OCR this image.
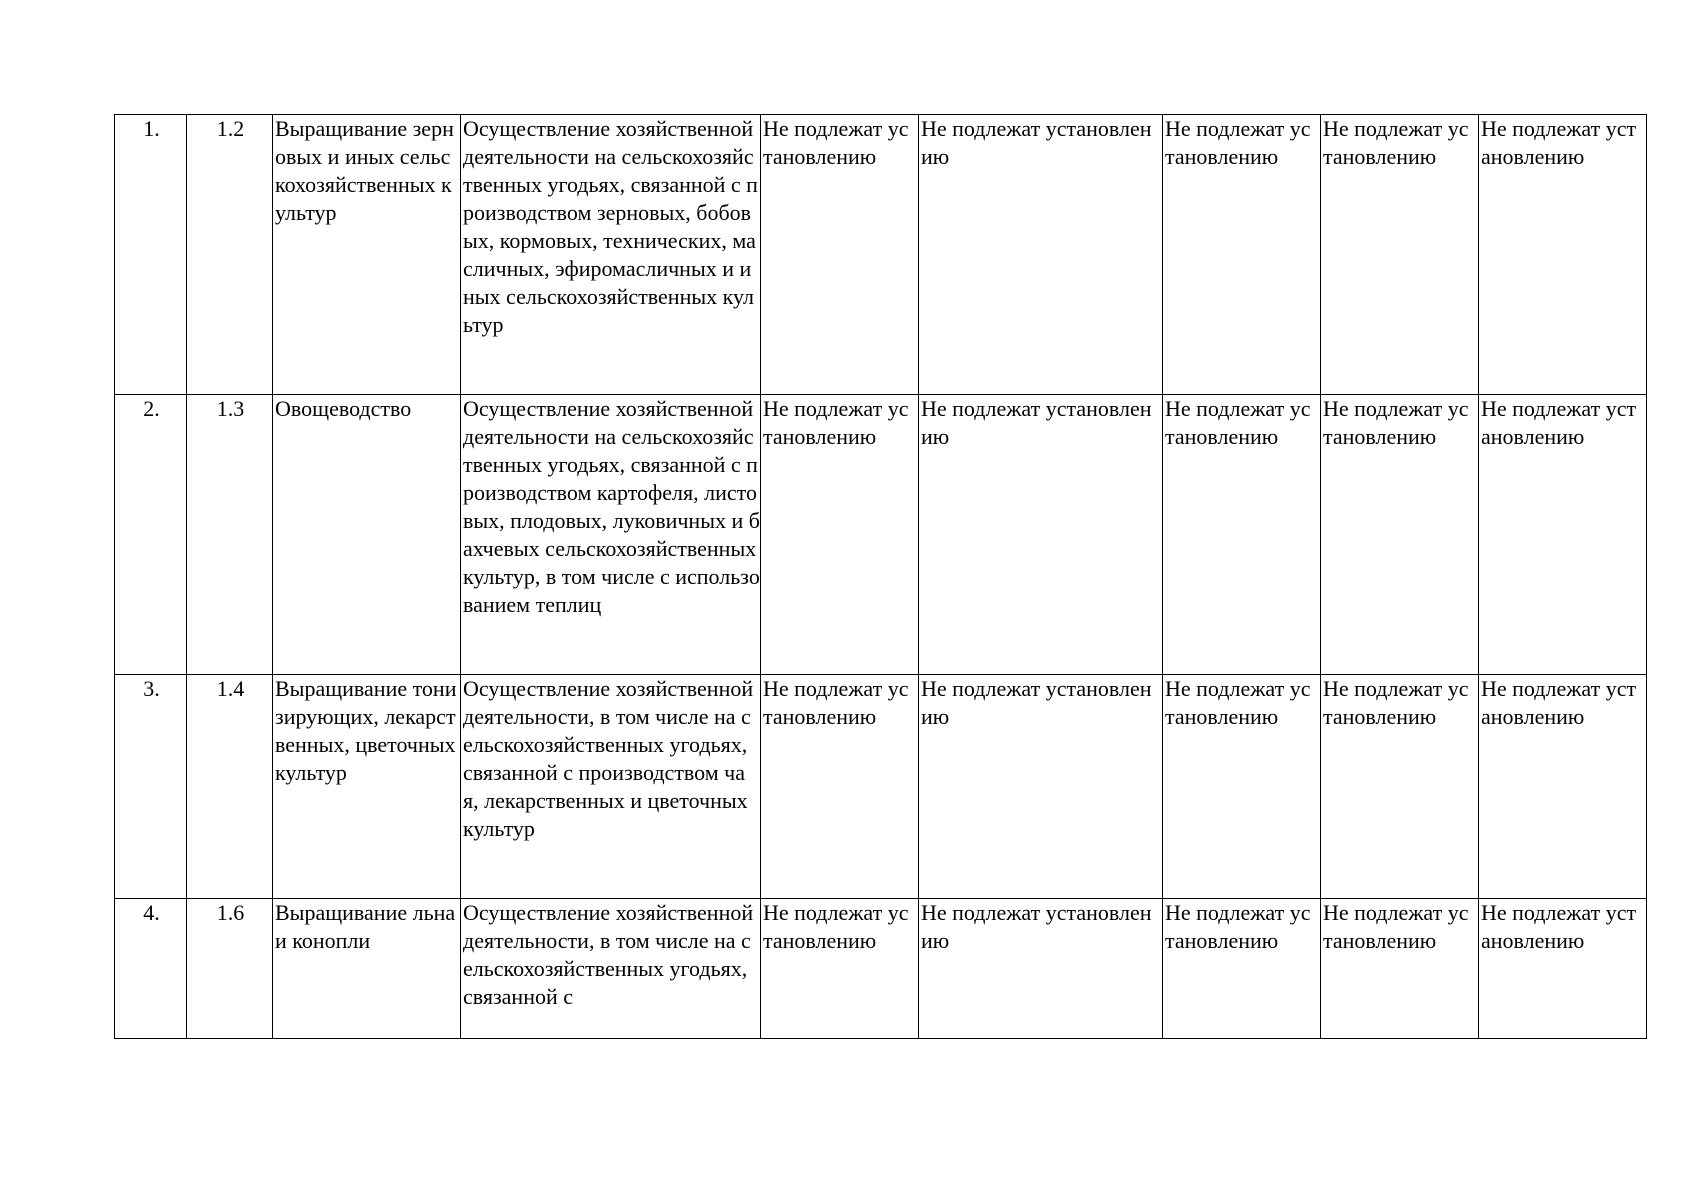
1.	1.2	Выращивание зерновых и иных сельскохозяйственных культур	Осуществление хозяйственной деятельности на сельскохозяйственных угодьях, связанной с производством зерновых, бобовых, кормовых, технических, масличных, эфиромасличных и иных сельскохозяйственных культур	Не подлежат установлению	Не подлежат установлению	Не подлежат установлению	Не подлежат установлению	Не подлежат установлению
2.	1.3	Овощеводство	Осуществление хозяйственной деятельности на сельскохозяйственных угодьях, связанной с производством картофеля, листовых, плодовых, луковичных и бахчевых сельскохозяйственных культур, в том числе с использованием теплиц	Не подлежат установлению	Не подлежат установлению	Не подлежат установлению	Не подлежат установлению	Не подлежат установлению
3.	1.4	Выращивание тонизирующих, лекарственных, цветочных культур	Осуществление хозяйственной деятельности, в том числе на сельскохозяйственных угодьях, связанной с производством чая, лекарственных и цветочных культур	Не подлежат установлению	Не подлежат установлению	Не подлежат установлению	Не подлежат установлению	Не подлежат установлению
4.	1.6	Выращивание льна и конопли	Осуществление хозяйственной деятельности, в том числе на сельскохозяйственных угодьях, связанной с	Не подлежат установлению	Не подлежат установлению	Не подлежат установлению	Не подлежат установлению	Не подлежат установлению
